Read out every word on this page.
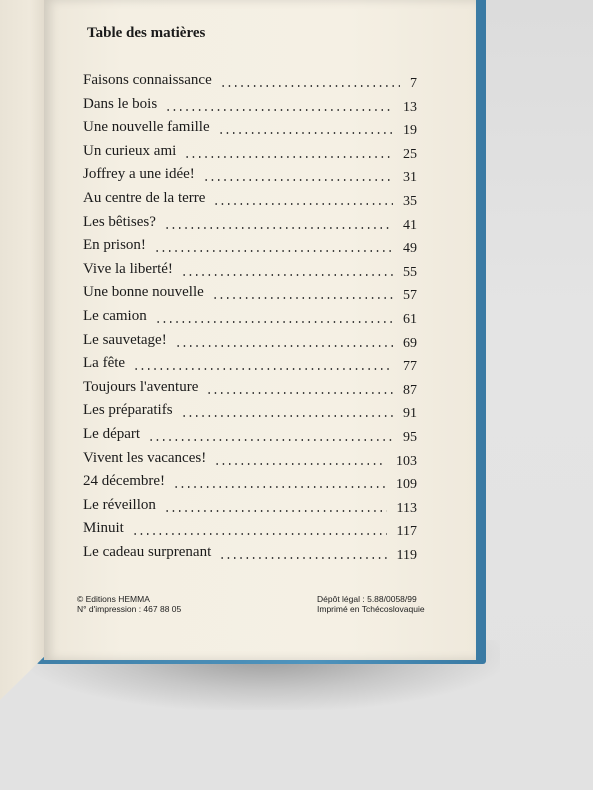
Table des matières
Faisons connaissance	7
Dans le bois	13
Une nouvelle famille	19
Un curieux ami	25
Joffrey a une idée!	31
Au centre de la terre	35
Les bêtises?	41
En prison!	49
Vive la liberté!	55
Une bonne nouvelle	57
Le camion	61
Le sauvetage!	69
La fête	77
Toujours l'aventure	87
Les préparatifs	91
Le départ	95
Vivent les vacances!	103
24 décembre!	109
Le réveillon	113
Minuit	117
Le cadeau surprenant	119
© Editions HEMMA
N° d'impression : 467 88 05
Dépôt légal : 5.88/0058/99
Imprimé en Tchécoslovaquie
